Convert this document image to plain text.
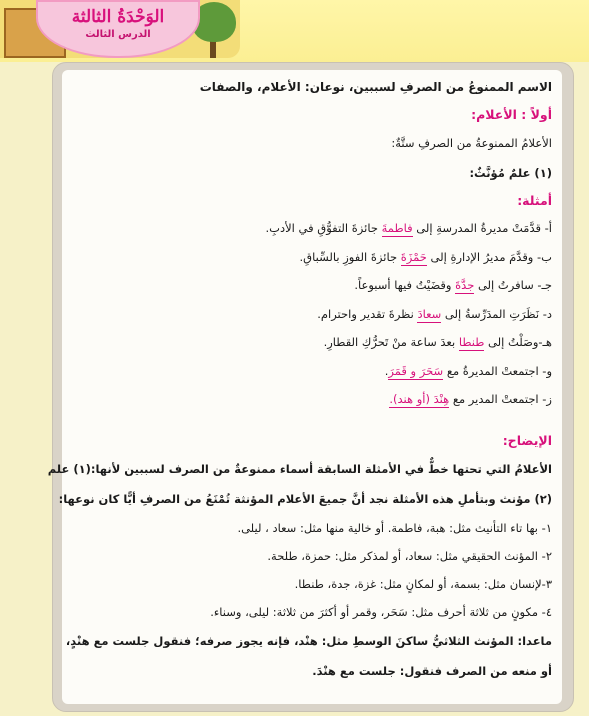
الوَحْدَةُ الثالثة
الدرس الثالث
الاسم الممنوعُ من الصرفِ لسببين، نوعان: الأعلام، والصفات
أولاً : الأعلام:
الأعلامُ الممنوعةُ من الصرفِ ستَّةٌ:
(١) علمٌ مُؤنَّثٌ:
أمثلة:
أ- قدَّمَتْ مديرةُ المدرسةِ إلى فاطمةَ جائزةَ التفوُّقِ في الأدبِ.
ب- وقدَّمَ مديرُ الإدارةِ إلى حَمْزَةَ جائزةَ الفوزِ بالسِّباقِ.
جـ- سافرتُ إلى جدَّةَ وقضَيْتُ فيها أسبوعاً.
د- نَظَرَتِ المدَرِّسةُ إلى سعادَ نظرةَ تقدير واحترام.
هـ-وصَلْتُ إلى طنطا بعدَ ساعة منْ تَحرُّكِ القطارِ.
و- اجتمعتْ المديرةُ مع سَحَرَ و قَمَرَ.
ز- اجتمعتْ المدير مع هِنْدَ (أو هند).
الإيضاح:
الأعلامُ التي تحتها خطٌّ في الأمثلة السابقة أسماء ممنوعةٌ من الصرف لسببين لأنها:(١) علم
(٢) مؤنث وبتأملِ هذه الأمثلة نجد أنَّ جميعَ الأعلام المؤنثة تُمْنَعُ من الصرفِ أيًّا كان نوعها:
١- بها تاء التأنيث مثل: هبة، فاطمة. أو خالية منها مثل: سعاد ، ليلى.
٢- المؤنث الحقيقي مثل: سعاد، أو لمذكر مثل: حمزة، طلحة.
٣-لإنسان مثل: بسمة، أو لمكانٍ مثل: غزة، جدة، طنطا.
٤- مكونٍ من ثلاثة أحرف مثل: سَحَر، وقمر أو أكثرَ من ثلاثة: ليلى، وسناء.
ماعدا: المؤنث الثلاثيُّ ساكنَ الوسطِ مثل: هنْد، فإنه يجوز صرفه؛ فنقول جلست مع هنْدٍ،
أو منعه من الصرف فنقول: جلست مع هنْدَ.
